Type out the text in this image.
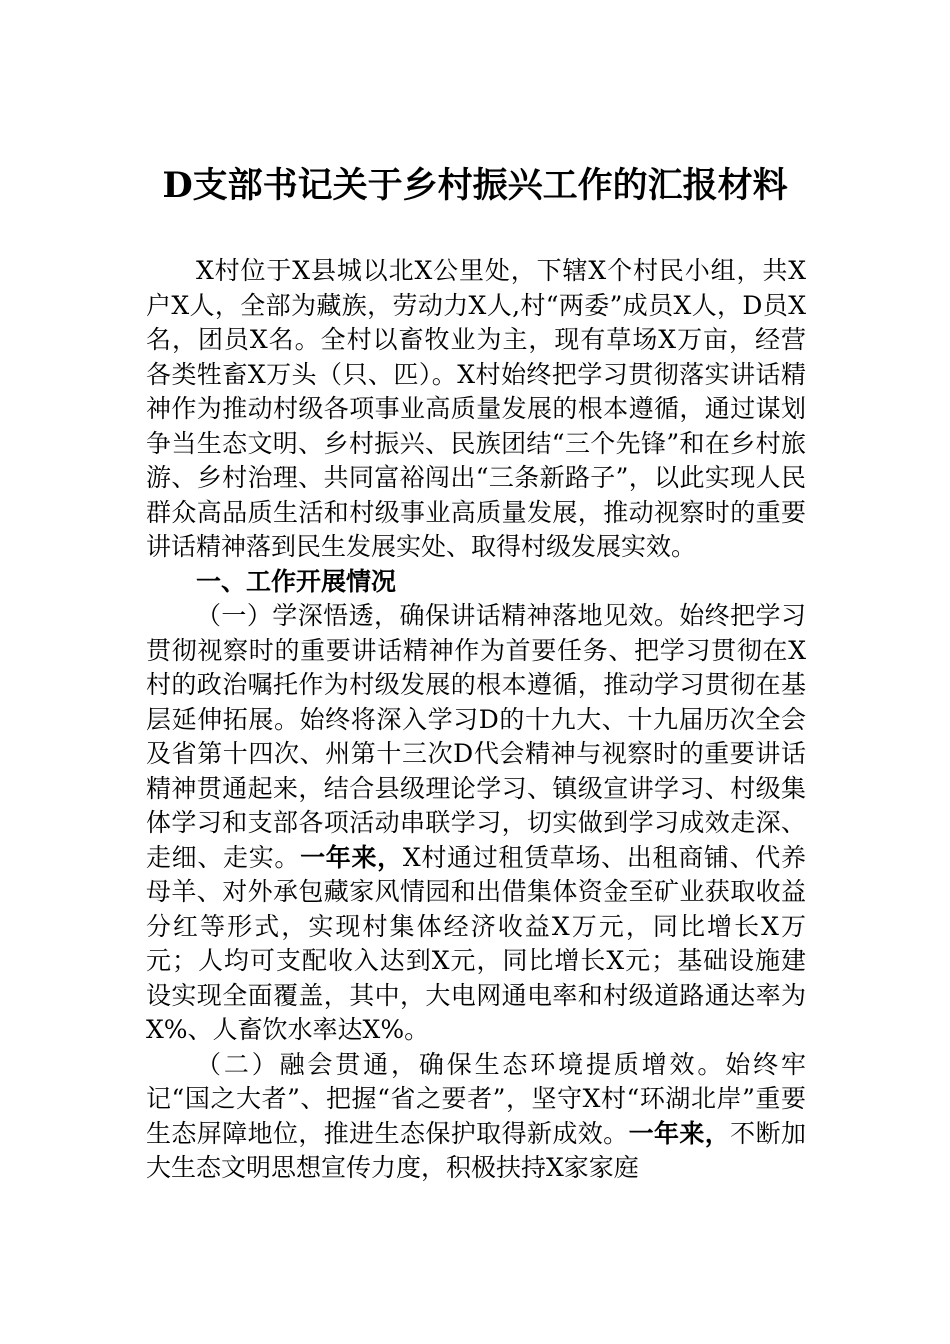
D支部书记关于乡村振兴工作的汇报材料

X村位于X县城以北X公里处，下辖X个村民小组，共X户X人，全部为藏族，劳动力X人,村“两委”成员X人，D员X名，团员X名。全村以畜牧业为主，现有草场X万亩，经营各类牲畜X万头（只、匹）。X村始终把学习贯彻落实讲话精神作为推动村级各项事业高质量发展的根本遵循，通过谋划争当生态文明、乡村振兴、民族团结“三个先锋”和在乡村旅游、乡村治理、共同富裕闯出“三条新路子”，以此实现人民群众高品质生活和村级事业高质量发展，推动视察时的重要讲话精神落到民生发展实处、取得村级发展实效。

一、工作开展情况

（一）学深悟透，确保讲话精神落地见效。始终把学习贯彻视察时的重要讲话精神作为首要任务、把学习贯彻在X村的政治嘱托作为村级发展的根本遵循，推动学习贯彻在基层延伸拓展。始终将深入学习D的十九大、十九届历次全会及省第十四次、州第十三次D代会精神与视察时的重要讲话精神贯通起来，结合县级理论学习、镇级宣讲学习、村级集体学习和支部各项活动串联学习，切实做到学习成效走深、走细、走实。一年来，X村通过租赁草场、出租商铺、代养母羊、对外承包藏家风情园和出借集体资金至矿业获取收益分红等形式，实现村集体经济收益X万元，同比增长X万元；人均可支配收入达到X元，同比增长X元；基础设施建设实现全面覆盖，其中，大电网通电率和村级道路通达率为X%、人畜饮水率达X%。

（二）融会贯通，确保生态环境提质增效。始终牢记“国之大者”、把握“省之要者”，坚守X村“环湖北岸”重要生态屏障地位，推进生态保护取得新成效。一年来，不断加大生态文明思想宣传力度，积极扶持X家家庭
